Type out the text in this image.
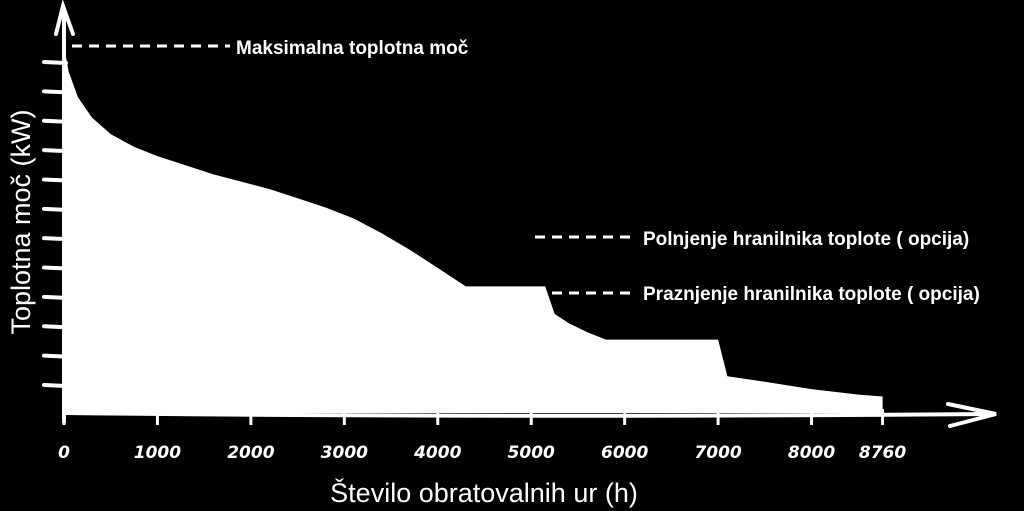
0	1000	2000	3000	4000	5000	6000	7000	8000 8760
Maksimalna toplotna moč
Polnjenje hranilnika toplote ( opcija)
Praznjenje hranilnika toplote ( opcija)
Število obratovalnih ur (h)
Toplotna moč (kW)
